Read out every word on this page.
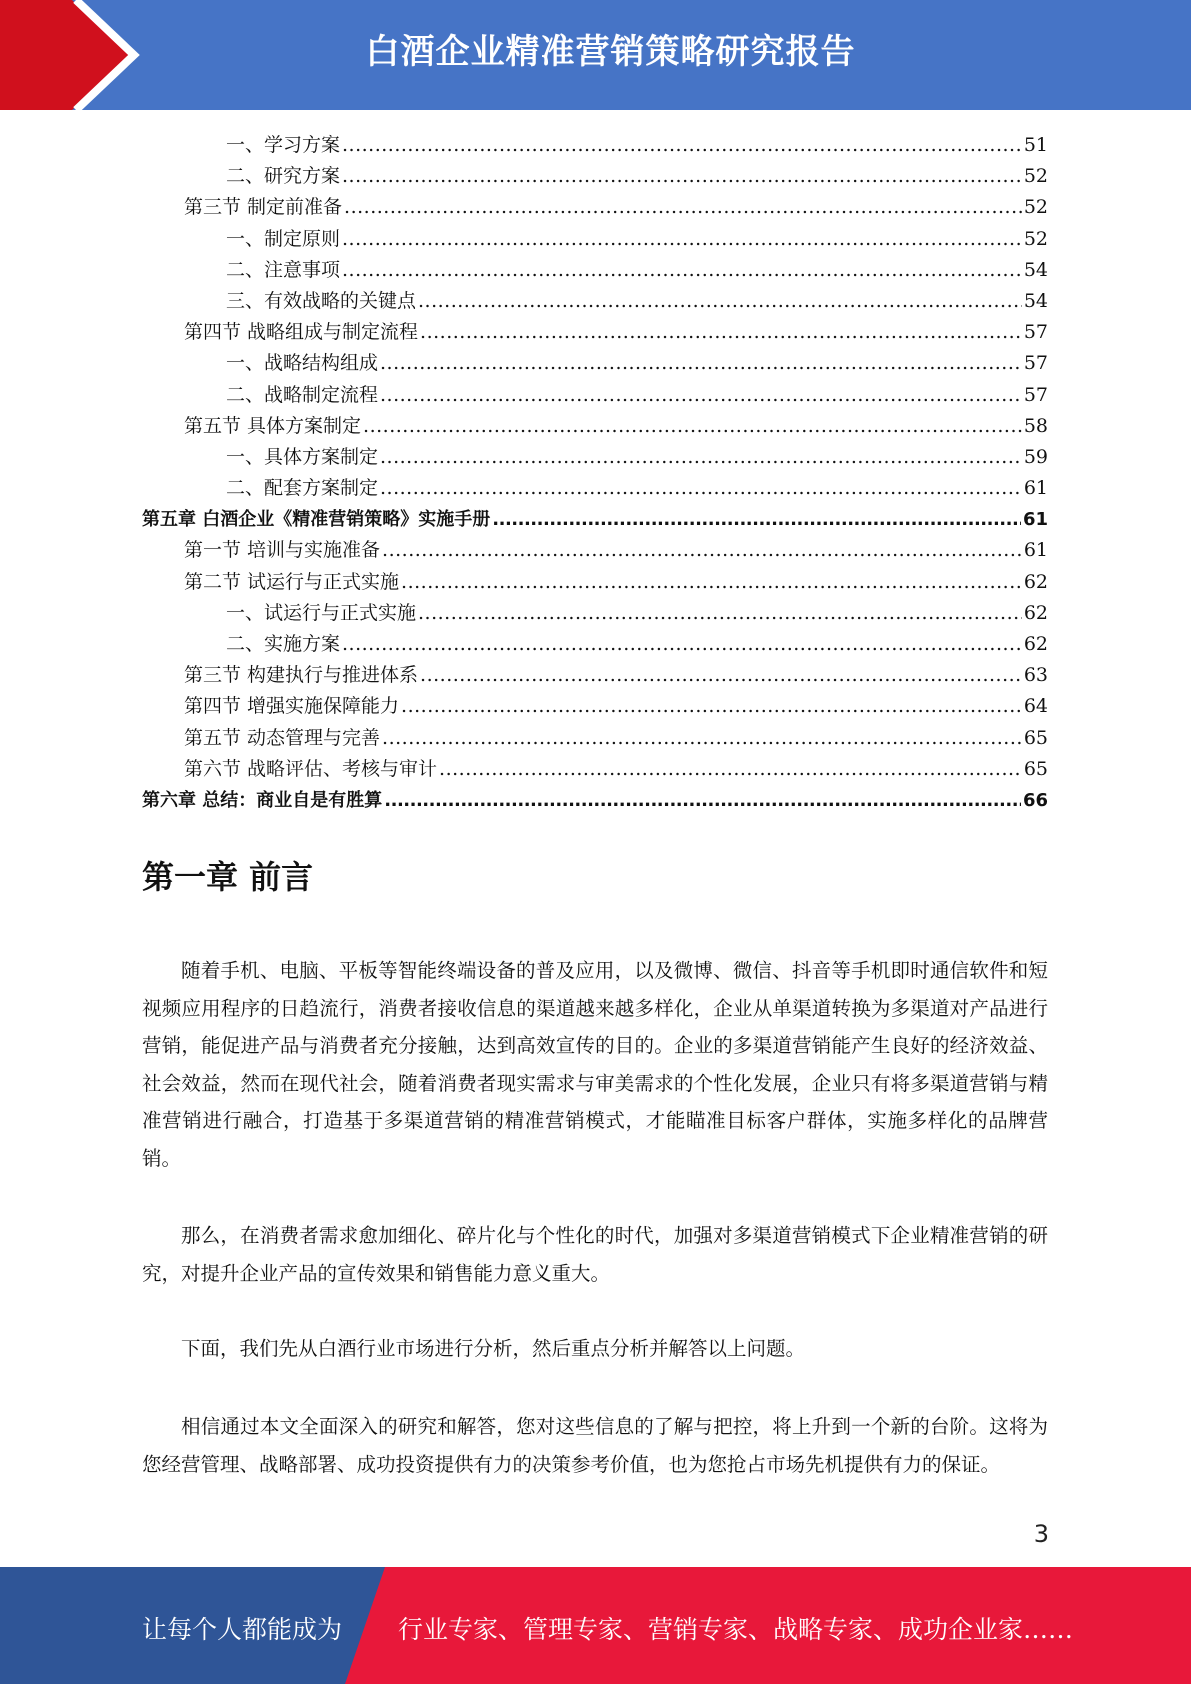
白酒企业精准营销策略研究报告
一、学习方案 .....	51
二、研究方案 .....	52
第三节 制定前准备 .....	52
一、制定原则 .....	52
二、注意事项 .....	54
三、有效战略的关键点 .....	54
第四节 战略组成与制定流程 .....	57
一、战略结构组成 .....	57
二、战略制定流程 .....	57
第五节 具体方案制定 .....	58
一、具体方案制定 .....	59
二、配套方案制定 .....	61
第五章 白酒企业《精准营销策略》实施手册 .....	61
第一节 培训与实施准备 .....	61
第二节 试运行与正式实施 .....	62
一、试运行与正式实施 .....	62
二、实施方案 .....	62
第三节 构建执行与推进体系 .....	63
第四节 增强实施保障能力 .....	64
第五节 动态管理与完善 .....	65
第六节 战略评估、考核与审计 .....	65
第六章 总结：商业自是有胜算 .....	66
第一章 前言

随着手机、电脑、平板等智能终端设备的普及应用，以及微博、微信、抖音等手机即时通信软件和短视频应用程序的日趋流行，消费者接收信息的渠道越来越多样化，企业从单渠道转换为多渠道对产品进行营销，能促进产品与消费者充分接触，达到高效宣传的目的。企业的多渠道营销能产生良好的经济效益、社会效益，然而在现代社会，随着消费者现实需求与审美需求的个性化发展，企业只有将多渠道营销与精准营销进行融合，打造基于多渠道营销的精准营销模式，才能瞄准目标客户群体，实施多样化的品牌营销。

那么，在消费者需求愈加细化、碎片化与个性化的时代，加强对多渠道营销模式下企业精准营销的研究，对提升企业产品的宣传效果和销售能力意义重大。

下面，我们先从白酒行业市场进行分析，然后重点分析并解答以上问题。

相信通过本文全面深入的研究和解答，您对这些信息的了解与把控，将上升到一个新的台阶。这将为您经营管理、战略部署、成功投资提供有力的决策参考价值，也为您抢占市场先机提供有力的保证。

3
让每个人都能成为 行业专家、管理专家、营销专家、战略专家、成功企业家……
